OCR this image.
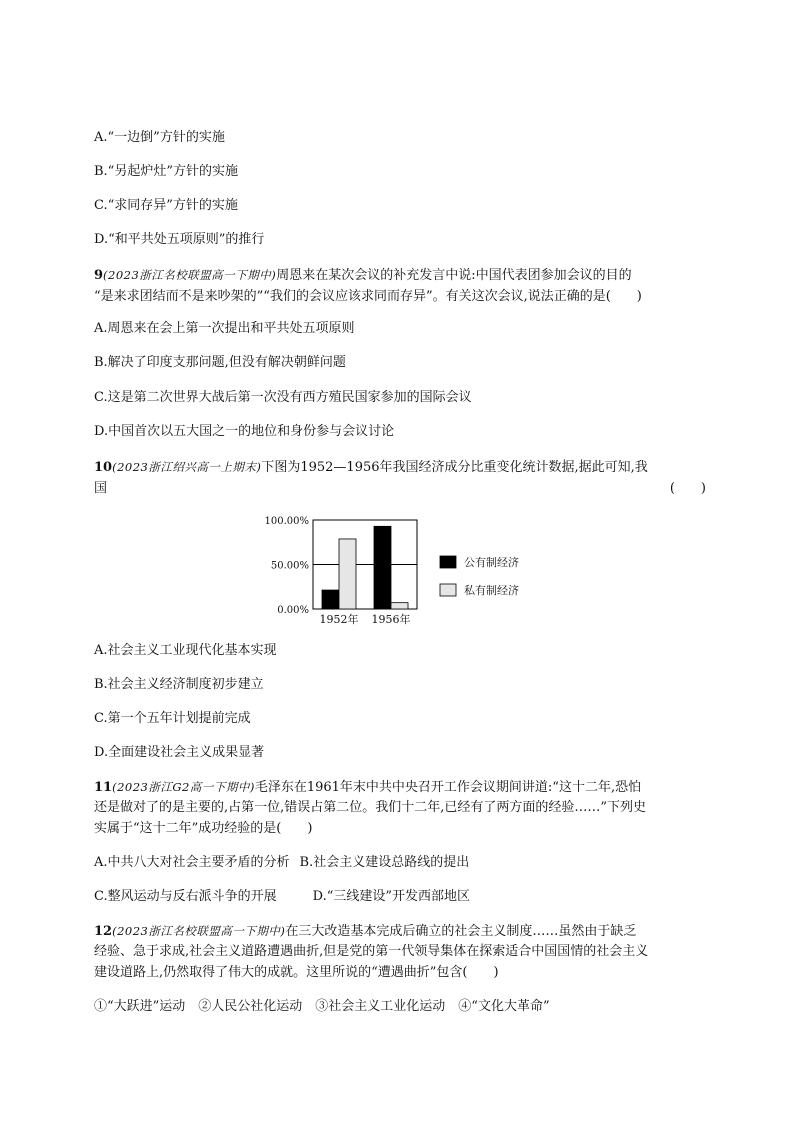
A.“一边倒”方针的实施
B.“另起炉灶”方针的实施
C.“求同存异”方针的实施
D.“和平共处五项原则”的推行
9(2023浙江名校联盟高一下期中)周恩来在某次会议的补充发言中说:中国代表团参加会议的目的
“是来求团结而不是来吵架的”“我们的会议应该求同而存异”。有关这次会议,说法正确的是(　　)
A.周恩来在会上第一次提出和平共处五项原则
B.解决了印度支那问题,但没有解决朝鲜问题
C.这是第二次世界大战后第一次没有西方殖民国家参加的国际会议
D.中国首次以五大国之一的地位和身份参与会议讨论
10(2023浙江绍兴高一上期末)下图为1952—1956年我国经济成分比重变化统计数据,据此可知,我
国	(　　)
100.00%
50.00%
0.00%
1952年 1956年
公有制经济
私有制经济
A.社会主义工业现代化基本实现
B.社会主义经济制度初步建立
C.第一个五年计划提前完成
D.全面建设社会主义成果显著
11(2023浙江G2高一下期中)毛泽东在1961年末中共中央召开工作会议期间讲道:“这十二年,恐怕
还是做对了的是主要的,占第一位,错误占第二位。我们十二年,已经有了两方面的经验……”下列史
实属于“这十二年”成功经验的是(　　)
A.中共八大对社会主要矛盾的分析 B.社会主义建设总路线的提出
C.整风运动与反右派斗争的开展	D.“三线建设”开发西部地区
12(2023浙江名校联盟高一下期中)在三大改造基本完成后确立的社会主义制度……虽然由于缺乏
经验、急于求成,社会主义道路遭遇曲折,但是党的第一代领导集体在探索适合中国国情的社会主义
建设道路上,仍然取得了伟大的成就。这里所说的“遭遇曲折”包含(　　)
①“大跃进”运动　②人民公社化运动　③社会主义工业化运动　④“文化大革命”
